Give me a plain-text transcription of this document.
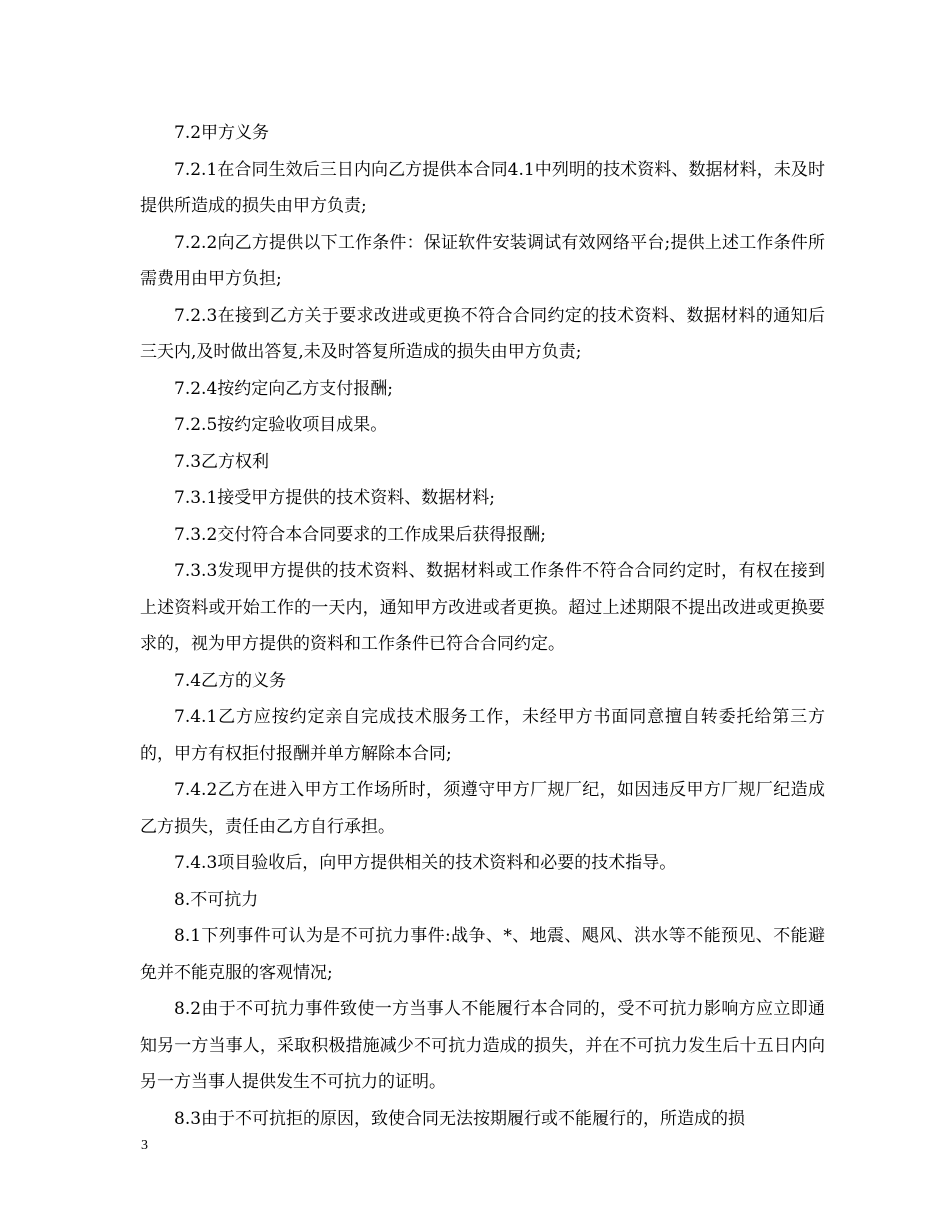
7.2甲方义务

7.2.1在合同生效后三日内向乙方提供本合同4.1中列明的技术资料、数据材料，未及时提供所造成的损失由甲方负责;

7.2.2向乙方提供以下工作条件：保证软件安装调试有效网络平台;提供上述工作条件所需费用由甲方负担;

7.2.3在接到乙方关于要求改进或更换不符合合同约定的技术资料、数据材料的通知后三天内,及时做出答复,未及时答复所造成的损失由甲方负责;

7.2.4按约定向乙方支付报酬;

7.2.5按约定验收项目成果。

7.3乙方权利

7.3.1接受甲方提供的技术资料、数据材料;

7.3.2交付符合本合同要求的工作成果后获得报酬;

7.3.3发现甲方提供的技术资料、数据材料或工作条件不符合合同约定时，有权在接到上述资料或开始工作的一天内，通知甲方改进或者更换。超过上述期限不提出改进或更换要求的，视为甲方提供的资料和工作条件已符合合同约定。

7.4乙方的义务

7.4.1乙方应按约定亲自完成技术服务工作，未经甲方书面同意擅自转委托给第三方的，甲方有权拒付报酬并单方解除本合同;

7.4.2乙方在进入甲方工作场所时，须遵守甲方厂规厂纪，如因违反甲方厂规厂纪造成乙方损失，责任由乙方自行承担。

7.4.3项目验收后，向甲方提供相关的技术资料和必要的技术指导。

8.不可抗力

8.1下列事件可认为是不可抗力事件:战争、*、地震、飓风、洪水等不能预见、不能避免并不能克服的客观情况;

8.2由于不可抗力事件致使一方当事人不能履行本合同的，受不可抗力影响方应立即通知另一方当事人，采取积极措施减少不可抗力造成的损失，并在不可抗力发生后十五日内向另一方当事人提供发生不可抗力的证明。

8.3由于不可抗拒的原因，致使合同无法按期履行或不能履行的，所造成的损

3
